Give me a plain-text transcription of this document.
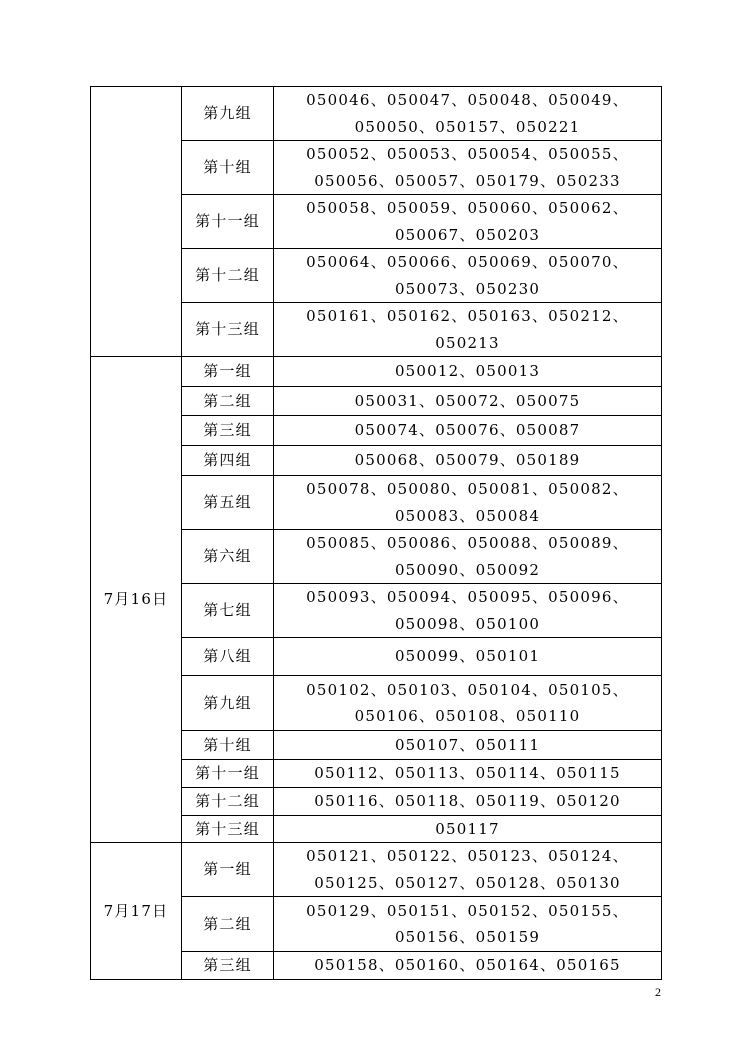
	第九组	050046、050047、050048、050049、050050、050157、050221
	第十组	050052、050053、050054、050055、050056、050057、050179、050233
	第十一组	050058、050059、050060、050062、050067、050203
	第十二组	050064、050066、050069、050070、050073、050230
	第十三组	050161、050162、050163、050212、050213
7月16日	第一组	050012、050013
	第二组	050031、050072、050075
	第三组	050074、050076、050087
	第四组	050068、050079、050189
	第五组	050078、050080、050081、050082、050083、050084
	第六组	050085、050086、050088、050089、050090、050092
	第七组	050093、050094、050095、050096、050098、050100
	第八组	050099、050101
	第九组	050102、050103、050104、050105、050106、050108、050110
	第十组	050107、050111
	第十一组	050112、050113、050114、050115
	第十二组	050116、050118、050119、050120
	第十三组	050117
7月17日	第一组	050121、050122、050123、050124、050125、050127、050128、050130
	第二组	050129、050151、050152、050155、050156、050159
	第三组	050158、050160、050164、050165
2
